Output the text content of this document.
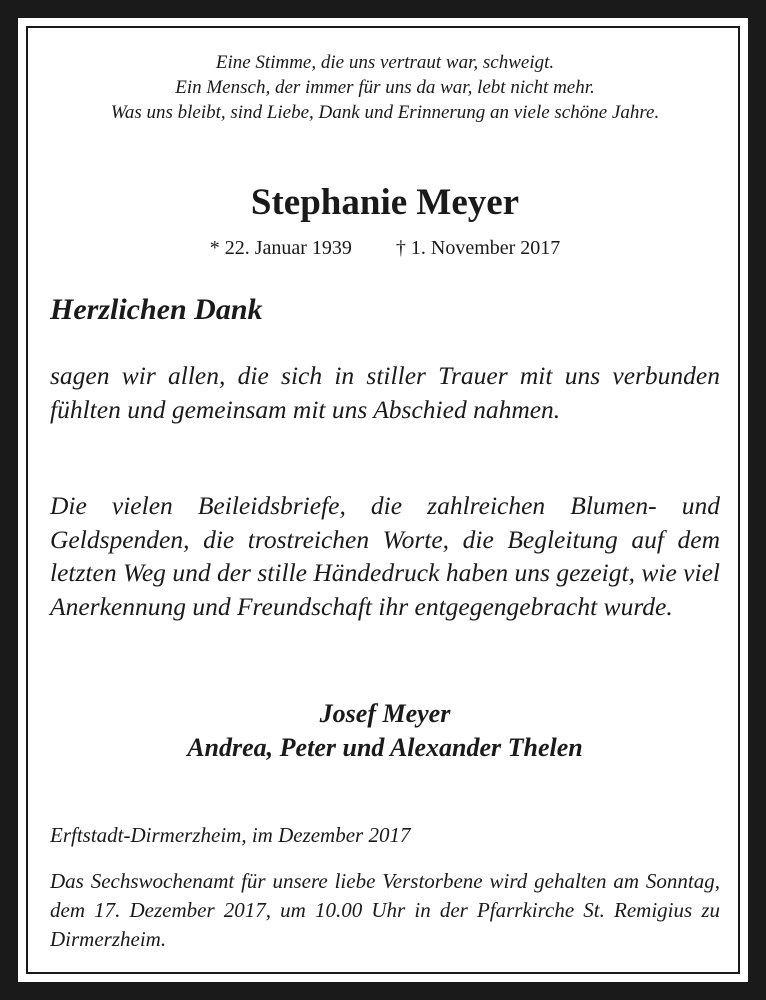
Eine Stimme, die uns vertraut war, schweigt.
Ein Mensch, der immer für uns da war, lebt nicht mehr.
Was uns bleibt, sind Liebe, Dank und Erinnerung an viele schöne Jahre.
Stephanie Meyer
* 22. Januar 1939 † 1. November 2017
Herzlichen Dank
sagen wir allen, die sich in stiller Trauer mit uns verbunden fühlten und gemeinsam mit uns Abschied nahmen.
Die vielen Beileidsbriefe, die zahlreichen Blumen- und Geldspenden, die trostreichen Worte, die Begleitung auf dem letzten Weg und der stille Händedruck haben uns gezeigt, wie viel Anerkennung und Freundschaft ihr entgegengebracht wurde.
Josef Meyer
Andrea, Peter und Alexander Thelen
Erftstadt-Dirmerzheim, im Dezember 2017
Das Sechswochenamt für unsere liebe Verstorbene wird gehalten am Sonntag, dem 17. Dezember 2017, um 10.00 Uhr in der Pfarrkirche St. Remigius zu Dirmerzheim.
